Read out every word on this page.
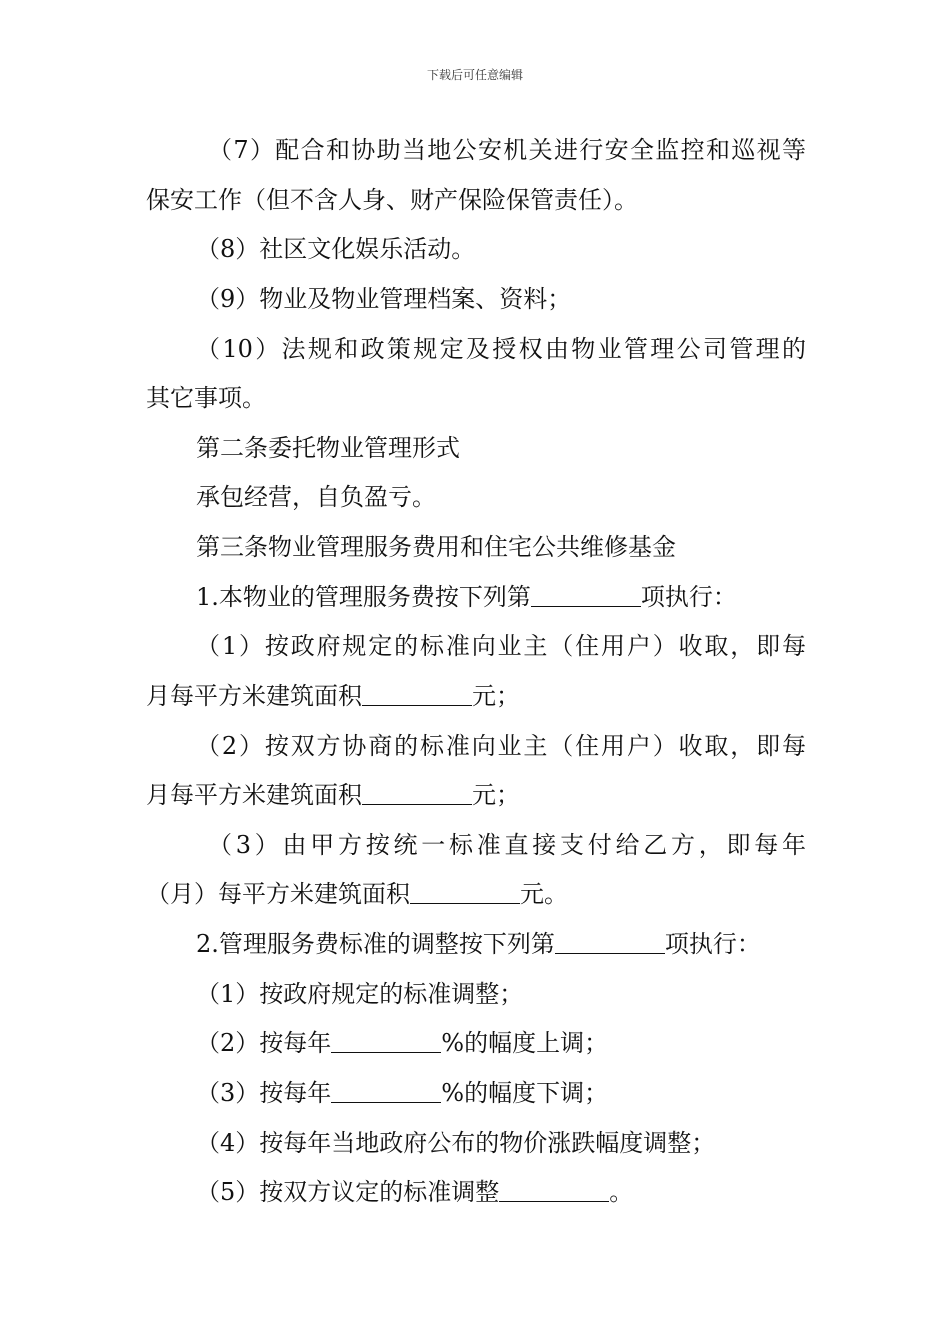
下载后可任意编辑
（7）配合和协助当地公安机关进行安全监控和巡视等
保安工作（但不含人身、财产保险保管责任）。
（8）社区文化娱乐活动。
（9）物业及物业管理档案、资料；
（10）法规和政策规定及授权由物业管理公司管理的
其它事项。
第二条委托物业管理形式
承包经营，自负盈亏。
第三条物业管理服务费用和住宅公共维修基金
1.本物业的管理服务费按下列第	项执行：
（1）按政府规定的标准向业主（住用户）收取，即每
月每平方米建筑面积	元；
（2）按双方协商的标准向业主（住用户）收取，即每
月每平方米建筑面积	元；
（3）由甲方按统一标准直接支付给乙方，即每年
（月）每平方米建筑面积	元。
2.管理服务费标准的调整按下列第	项执行：
（1）按政府规定的标准调整；
（2）按每年	%的幅度上调；
（3）按每年	%的幅度下调；
（4）按每年当地政府公布的物价涨跌幅度调整；
（5）按双方议定的标准调整	。
